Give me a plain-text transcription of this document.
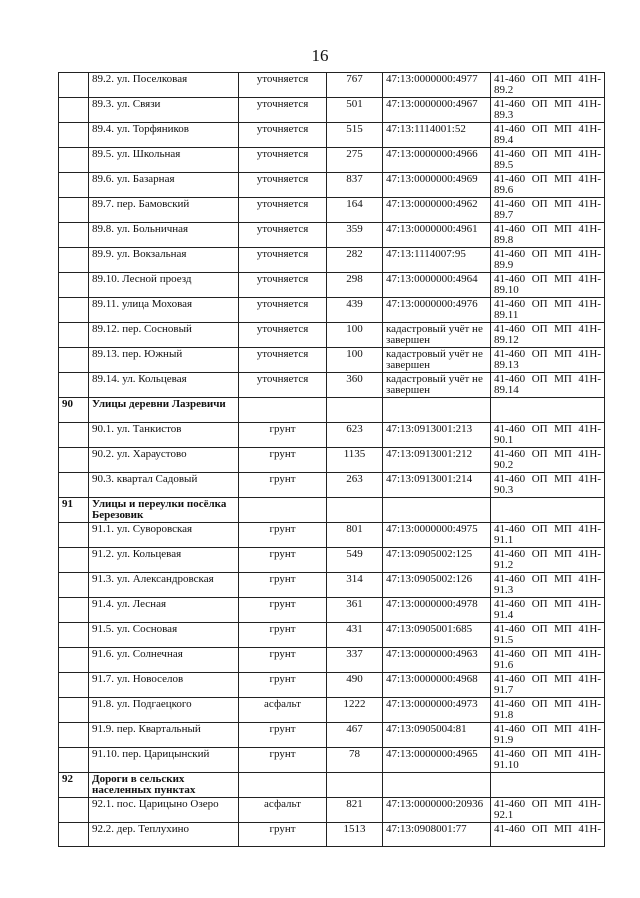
16
	89.2. ул. Поселковая	уточняется	767	47:13:0000000:4977	41-460 ОП МП 41Н-
89.2
	89.3. ул. Связи	уточняется	501	47:13:0000000:4967	41-460 ОП МП 41Н-
89.3
	89.4. ул. Торфяников	уточняется	515	47:13:1114001:52	41-460 ОП МП 41Н-
89.4
	89.5. ул. Школьная	уточняется	275	47:13:0000000:4966	41-460 ОП МП 41Н-
89.5
	89.6. ул. Базарная	уточняется	837	47:13:0000000:4969	41-460 ОП МП 41Н-
89.6
	89.7. пер. Бамовский	уточняется	164	47:13:0000000:4962	41-460 ОП МП 41Н-
89.7
	89.8. ул. Больничная	уточняется	359	47:13:0000000:4961	41-460 ОП МП 41Н-
89.8
	89.9. ул. Вокзальная	уточняется	282	47:13:1114007:95	41-460 ОП МП 41Н-
89.9
	89.10. Лесной проезд	уточняется	298	47:13:0000000:4964	41-460 ОП МП 41Н-
89.10
	89.11. улица Моховая	уточняется	439	47:13:0000000:4976	41-460 ОП МП 41Н-
89.11
	89.12. пер. Сосновый	уточняется	100	кадастровый учёт не завершен	41-460 ОП МП 41Н-
89.12
	89.13. пер. Южный	уточняется	100	кадастровый учёт не завершен	41-460 ОП МП 41Н-
89.13
	89.14. ул. Кольцевая	уточняется	360	кадастровый учёт не завершен	41-460 ОП МП 41Н-
89.14
90	Улицы деревни Лазревичи				

	90.1. ул. Танкистов	грунт	623	47:13:0913001:213	41-460 ОП МП 41Н-
90.1
	90.2. ул. Хараустово	грунт	1135	47:13:0913001:212	41-460 ОП МП 41Н-
90.2
	90.3. квартал Садовый	грунт	263	47:13:0913001:214	41-460 ОП МП 41Н-
90.3
91	Улицы и переулки посёлка Березовик				

	91.1. ул. Суворовская	грунт	801	47:13:0000000:4975	41-460 ОП МП 41Н-
91.1
	91.2. ул. Кольцевая	грунт	549	47:13:0905002:125	41-460 ОП МП 41Н-
91.2
	91.3. ул. Александровская	грунт	314	47:13:0905002:126	41-460 ОП МП 41Н-
91.3
	91.4. ул. Лесная	грунт	361	47:13:0000000:4978	41-460 ОП МП 41Н-
91.4
	91.5. ул. Сосновая	грунт	431	47:13:0905001:685	41-460 ОП МП 41Н-
91.5
	91.6. ул. Солнечная	грунт	337	47:13:0000000:4963	41-460 ОП МП 41Н-
91.6
	91.7. ул. Новоселов	грунт	490	47:13:0000000:4968	41-460 ОП МП 41Н-
91.7
	91.8. ул. Подгаецкого	асфальт	1222	47:13:0000000:4973	41-460 ОП МП 41Н-
91.8
	91.9. пер. Квартальный	грунт	467	47:13:0905004:81	41-460 ОП МП 41Н-
91.9
	91.10. пер. Царицынский	грунт	78	47:13:0000000:4965	41-460 ОП МП 41Н-
91.10
92	Дороги в сельских населенных пунктах				

	92.1. пос. Царицыно Озеро	асфальт	821	47:13:0000000:20936	41-460 ОП МП 41Н-
92.1
	92.2. дер. Теплухино	грунт	1513	47:13:0908001:77	41-460 ОП МП 41Н-
